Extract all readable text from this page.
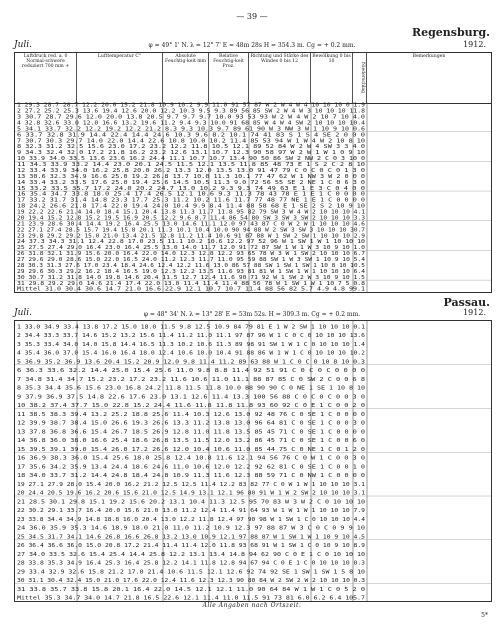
— 39 —
Regensburg.
Juli.	φ = 49° 1' N. λ = 12° 7' E = 48m 28s H = 354.3 m. Cg = + 0.2 mm.	1912.
Luftdruck red. a. 0 Normal-schwere reduziert 700 mm +
Lufttemperatur C°	Absolute Feuchtig-keit mm
Relative Feuchtig-keit Proz.
Richtung und Stärke des Windes 0 bis 12
Bewölkung 0 bis 10
Niederschlag
Bemerkungen
1 29.3 28.7 28.7 12.2 20.0 15.2 21.8 10.9 10.2 9.9 11.0 91 57 87 W 2 W 4 W 4 10 10 10 0 1.9
2 27.2 25.2 25.3 13.6 19.4 12.6 20.0 12.2 10.3 9.5 9.3 89 56 85 SW 2 W 4 W 3 10 10 10 11.8
3 30.7 28.7 29.6 12.0 20.0 13.8 20.5 9.7 9.7 9.7 10.0 93 53 93 W 2 W 4 W 2 10 7 10 4.0
4 32.8 32.6 33.0 12.0 16.6 13.2 19.6 11.2 9.4 9.3 10.0 91 68 85 W 4 W 4 SW 2 10 10 10 10.4
5 34.1 33.7 32.2 12.2 19.2 12.2 21.2 8.3 9.3 10.3 9.7 89 61 90 W 3 NW 3 W 1 10 9 10 0.6
6 33.7 32.8 31.9 14.4 22.4 14.4 24.6 10.3 9.6 8.2 10.1 74 41 83 S 1 S 4 SE 2 0 0 0
7 30.7 30.3 29.7 14.0 22.0 14.4 22.6 10.8 10.0 10.2 11.4 85 53 94 W 1 W 4 W 2 10 8 10
8 32.3 31.2 32.5 15.6 23.0 17.2 23.2 12.2 11.8 10.5 12.1 89 52 84 W 2 W 4 SW 3 3 4 0
9 34.3 32.4 32.0 17.2 21.8 16.2 23.2 12.6 13.1 10.7 12.3 90 58 97 W 2 W 1 W 1 0 9 10
10 33.9 34.0 33.5 13.6 23.6 16.2 24.4 11.1 10.7 10.7 13.4 90 50 86 SW 2 NW 2 C 0 3 10 0
11 34.3 33.9 33.2 14.4 23.0 20.1 24.5 11.5 12.1 13.5 11.8 85 48 73 E 1 S 2 C 2 8 10
12 33.4 33.9 34.0 16.2 25.8 20.0 26.2 13.3 12.0 13.5 13.0 91 47 79 C 0 C 0 C 0 1 3 0
13 30.6 32.3 34.9 16.6 25.0 19.2 26.8 13.7 10.0 11.3 10.1 77 47 62 W 1 NW 3 W 2 0 0 0
14 33.4 33.2 33.5 17.6 25.0 19.4 25.6 14.5 10.5 11.3 9.0 72 56 55 SE 2 NE 1 C 0 6 3 0
15 33.2 33.5 35.7 17.2 24.0 20.2 24.7 13.0 10.2 9.3 9.3 74 49 63 E 1 E 3 C 0 4 0 0
16 35.4 34.7 33.8 18.0 25.4 17.4 26.5 12.1 10.6 9.3 11.3 78 43 78 E 1 E 1 C 0 0 0 0
17 33.2 31.7 31.4 14.8 23.3 17.7 25.3 11.2 10.2 11.6 11.7 77 48 77 NE 1 E 1 C 0 0 0 0
18 24.2 26.6 21.8 17.4 22.0 19.4 24.0 10.4 9.9 8.4 11.4 88 58 68 E 1 SE 2 S 2 10 9 10
19 22.2 22.6 21.4 14.0 18.4 15.1 20.4 13.8 11.3 11.7 11.8 95 82 79 SW 3 W 4 W 2 10 10 10 4.1
20 19.4 15.2 12.8 15.2 19.5 16.9 20.5 12.2 9.6 8.7 11.4 86 54 80 SW 3 SW 3 SW 2 10 10 10 3.3
21 23.9 28.6 30.4 14.4 19.2 16.4 25.5 13.0 14.6 11.1 12.0 97 43 87 C 0 W 2 W 1 10 10 10 4.6
22 27.1 27.4 28.5 15.7 19.4 15.8 20.1 11.3 10.1 10.4 10.0 90 94 88 W 2 SW 3 SW 3 10 10 10 30.7
23 29.8 29.2 29.2 15.0 21.0 13.4 21.5 12.8 11.2 11.4 10.6 91 87 88 W 1 SW 2 SW 1 10 10 10 2.9
24 37.3 34.3 31.1 12.4 22.8 17.0 23.5 11.1 10.2 10.6 12.2 97 52 96 W 1 SW 1 W 1 10 10 10
25 27.5 27.4 29.0 16.4 23.0 16.4 25.5 13.0 14.0 11.7 12.0 91 72 87 SW 1 W 1 W 3 10 9 10 1.0
26 31.8 32.1 31.9 15.6 20.0 16.4 22.0 14.0 12.3 12.8 12.2 93 65 78 W 3 W 1 SW 2 10 10 10 6.7
27 29.6 29.0 28.6 15.0 22.0 16.5 24.0 11.2 12.3 11.7 11.0 95 59 88 SW 1 W 3 SW 1 10 9 10 5.4
28 30.3 31.3 27.6 17.0 23.4 18.4 24.6 12.4 12.2 11.6 13.0 86 57 88 SW 1 SW 1 SW 1 10 8 10 10.5
29 29.6 30.3 29.2 16.2 18.4 16.5 19.0 12.3 12.2 13.5 11.6 93 81 81 W 1 SW 1 W 1 10 10 10 6.4
30 30.7 31.2 31.8 14.0 19.8 14.6 20.4 11.5 12.7 12.4 11.6 90 71 92 W 1 SW 2 W 3 10 9 10 1.5
31 29.8 29.2 29.0 14.6 21.4 17.4 22.0 13.0 11.4 11.4 11.4 88 56 78 W 1 SW 1 W 1 10 7 5 0.8
Mittel 31.0 30.4 30.6 14.7 21.0 16.6 22.9 12.1 10.7 10.7 11.4 88 56 82 5.7 4.9 4.8 99.1
Juli.
Passau.
φ = 48° 34' N. λ = 13° 28' E = 53m 52s. H = 309.3 m. Cg = + 0.2 mm.	1912.
1 33.0 34.9 33.4 13.8 17.2 15.0 18.0 11.5 9.8 12.5 10.9 84 79 81 E 1 W 2 SW 1 10 10 10 0.1
2 34.4 33.3 33.7 14.6 15.2 13.2 15.6 11.4 11.2 11.0 11.1 97 87 96 W 1 C 0 C 0 10 10 10 13.6
3 35.3 33.4 34.0 14.0 15.8 14.4 16.5 11.3 10.2 10.6 11.3 89 98 91 SW 1 W 1 C 0 10 10 10 1.4
4 35.4 36.0 37.0 15.4 16.0 16.4 18.0 12.4 10.6 10.0 10.4 91 88 86 W 1 W 1 C 0 10 10 10 10.2
5 36.9 35.2 36.9 13.6 20.4 15.2 20.9 12.0 9.8 11.4 11.2 89 63 88 W 1 C 0 C 0 10 8 10 0.3
6 36.3 33.6 32.2 14.4 25.0 15.4 25.6 11.0 9.8 8.8 11.4 92 51 91 C 0 C 0 C 0 0 0 0
7 34.8 31.4 34.7 15.2 23.2 17.2 23.2 11.6 10.6 11.0 11.1 88 87 85 C 0 SW 2 C 0 0 6 8
8 35.3 34.4 35.6 15.6 23.0 16.8 24.2 11.8 11.5 11.8 10.0 88 90 90 C 0 NE 1 SE 1 10 8 10
9 37.9 36.9 37.5 14.8 22.6 17.6 23.0 13.1 12.6 11.4 13.3 100 56 88 C 0 C 0 C 0 0 3 0
10 38.2 37.4 37.7 15.0 22.8 15.2 24.4 11.6 11.8 11.8 11.8 93 60 92 C 0 E 1 C 0 0 2 0
11 38.5 38.3 39.4 13.2 25.2 18.8 25.6 11.4 10.3 12.6 13.0 92 48 76 C 0 SE 1 C 0 0 0 0
12 39.9 38.7 38.4 15.0 26.6 19.3 26.6 13.3 11.2 13.8 13.0 96 64 81 C 0 SE 1 C 0 0 3 0
13 37.8 36.8 36.6 15.4 26.7 18.5 26.9 12.8 11.0 11.8 13.5 85 45 71 C 0 SE 1 C 0 0 0 0
14 36.8 36.0 38.0 16.6 25.4 18.6 26.8 13.5 11.5 12.0 13.2 86 45 71 C 0 SE 1 C 0 0 6 0
15 39.5 39.1 39.0 15.4 26.0 17.2 26.6 12.0 10.4 10.6 11.0 85 44 75 C 0 NE 1 C 0 1 2 0
16 36.9 38.3 36.0 15.4 25.6 18.0 25.8 12.4 10.8 11.6 12.1 94 56 76 C 0 W 1 C 0 0 3 0
17 35.6 34.2 35.9 13.4 24.4 18.6 24.6 11.0 10.6 12.0 12.2 92 62 81 C 0 SE 1 C 0 0 1 0
18 34.0 33.7 31.2 14.4 24.8 18.4 24.8 10.9 11.3 11.6 12.3 88 59 71 C 0 NW 1 C 0 0 0 0
19 27.1 27.9 28.0 15.4 20.0 16.2 21.2 12.5 12.5 11.4 12.2 83 82 77 C 0 W 1 W 1 10 10 10 3.1
20 24.4 20.5 19.6 16.2 20.6 15.6 21.0 12.5 14.9 13.1 12.1 96 80 91 W 1 W 2 SW 2 10 10 10 3.1
21 28.5 30.1 29.8 15.1 19.2 15.6 20.2 13.1 10.4 11.3 12.5 95 70 83 W 3 W 2 C 0 10 10 10
22 30.2 29.1 33.7 16.4 20.0 15.6 21.0 13.0 11.2 12.4 11.4 91 64 93 W 1 W 1 W 1 10 10 10 7.9
23 33.8 34.4 34.9 14.8 18.8 16.0 20.4 13.0 12.2 11.8 12.4 97 90 98 W 1 SW 1 C 0 10 10 10 4.4
24 36.0 35.9 35.3 14.6 18.9 18.0 21.0 11.0 11.2 10.9 12.3 97 88 87 W 3 C 0 C 0 9 9 10
25 34.5 31.7 34.1 14.6 26.8 16.6 26.8 13.2 13.0 10.9 12.1 97 88 87 W 1 SW 1 W 1 10 9 10 4.5
26 36.4 36.6 36.0 15.0 20.8 17.2 21.4 11.4 11.4 12.0 11.8 93 68 91 W 1 SW 1 C 0 10 9 10 8.9
27 34.0 33.5 32.6 15.4 25.4 14.4 25.8 12.2 13.1 13.4 14.8 94 62 90 C 0 E 1 C 0 10 10 10
28 33.8 35.3 34.9 16.4 25.3 16.4 25.8 12.2 14.1 11.8 12.8 94 67 94 C 0 E 1 C 0 10 10 10 0.3
29 33.4 32.9 32.6 15.8 21.2 17.0 21.4 10.6 11.5 12.1 12.6 92 74 92 SE 1 SW 1 SW 1 5 8 10
30 31.1 30.4 32.4 15.0 21.0 17.6 22.0 12.4 11.6 12.3 12.3 90 80 84 W 2 SW 2 W 2 10 10 10 0.3
31 33.8 35.7 33.8 15.8 20.1 16.4 22.0 14.5 12.1 12.1 11.0 90 64 84 W 1 W 1 C 0 5 2 0
Mittel 35.3 34.7 34.0 14.7 21.8 16.5 22.6 12.1 11.4 11.0 11.5 91 73 81 6.0 6.2 6.4 105.7
Alle Angaben nach Ortszeit.
5*
